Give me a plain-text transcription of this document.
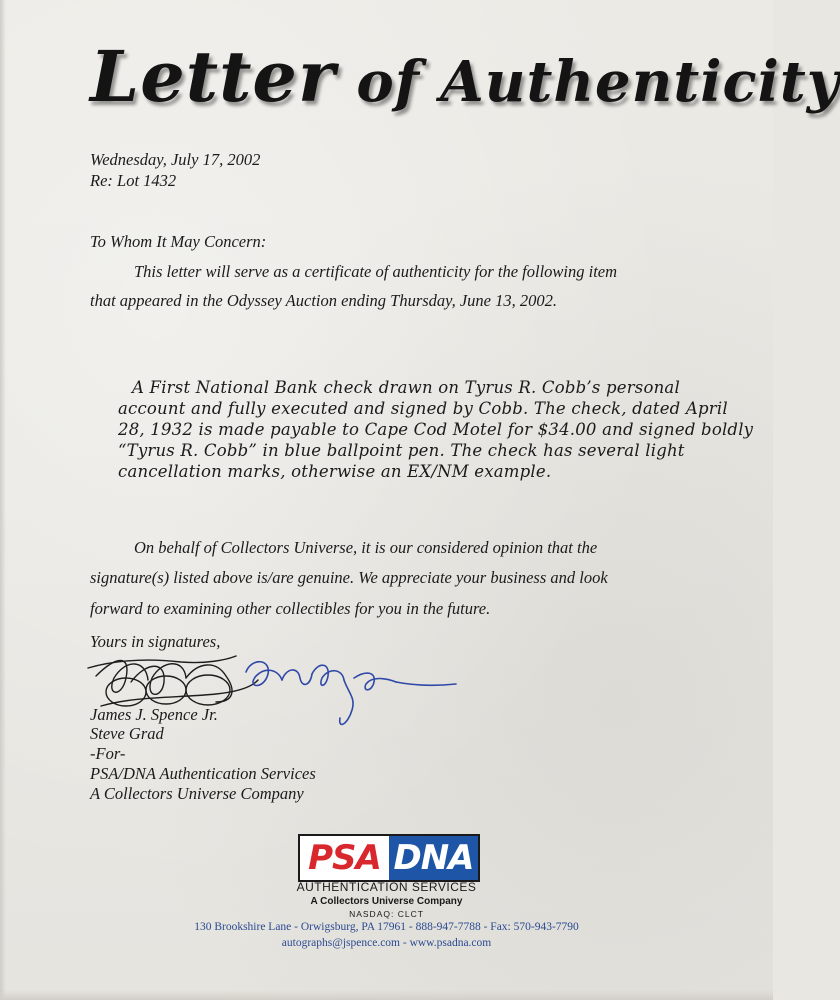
Letter of Authenticity
Wednesday, July 17, 2002
Re: Lot 1432
To Whom It May Concern:
This letter will serve as a certificate of authenticity for the following item
that appeared in the Odyssey Auction ending Thursday, June 13, 2002.
A First National Bank check drawn on Tyrus R. Cobb’s personal
account and fully executed and signed by Cobb. The check, dated April
28, 1932 is made payable to Cape Cod Motel for $34.00 and signed boldly
“Tyrus R. Cobb” in blue ballpoint pen. The check has several light
cancellation marks, otherwise an EX/NM example.
On behalf of Collectors Universe, it is our considered opinion that the
signature(s) listed above is/are genuine. We appreciate your business and look
forward to examining other collectibles for you in the future.
Yours in signatures,
James J. Spence Jr.
Steve Grad
-For-
PSA/DNA Authentication Services
A Collectors Universe Company
PSA DNA
AUTHENTICATION SERVICES
A Collectors Universe Company
NASDAQ: CLCT
130 Brookshire Lane - Orwigsburg, PA 17961 - 888-947-7788 - Fax: 570-943-7790
autographs@jspence.com - www.psadna.com
